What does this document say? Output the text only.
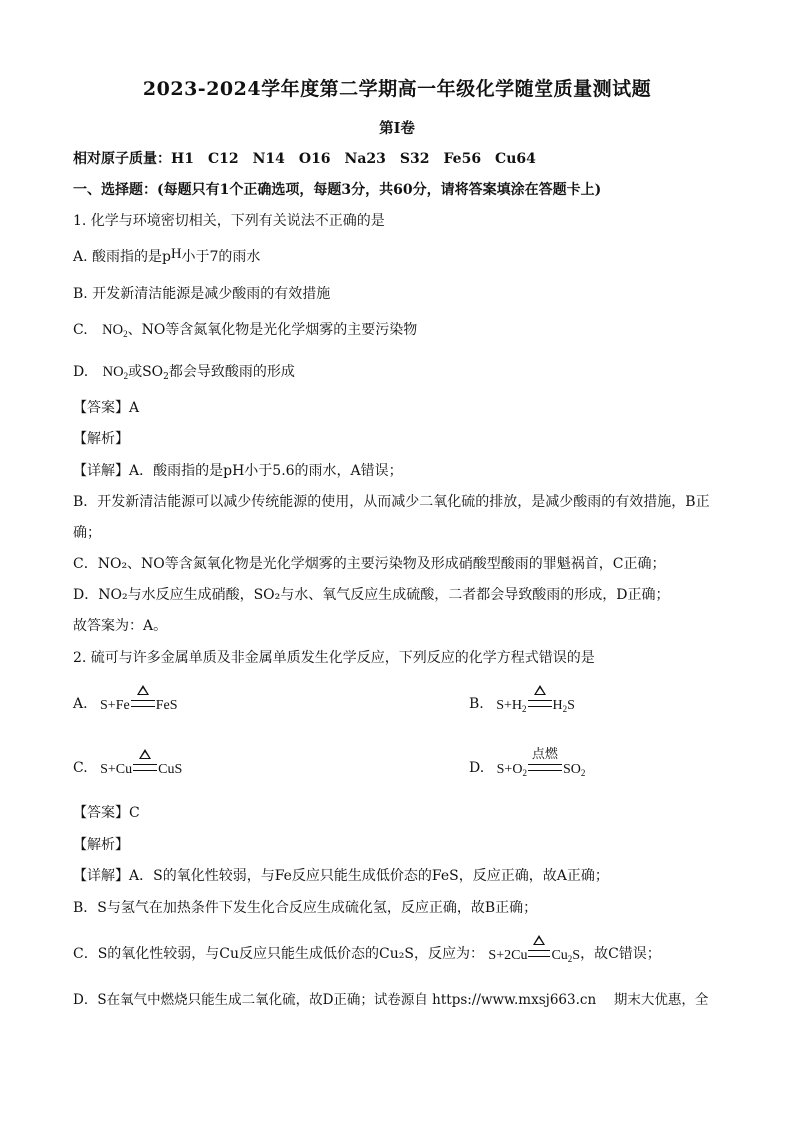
2023-2024学年度第二学期高一年级化学随堂质量测试题
第I卷
相对原子质量：H1　C12　N14　O16　Na23　S32　Fe56　Cu64
一、选择题：(每题只有1个正确选项，每题3分，共60分，请将答案填涂在答题卡上)
1. 化学与环境密切相关，下列有关说法不正确的是
A. 酸雨指的是pH小于7的雨水
B. 开发新清洁能源是减少酸雨的有效措施
C. $NO_2$、NO等含氮氧化物是光化学烟雾的主要污染物
D. $NO_2$或$SO_2$都会导致酸雨的形成
【答案】A
【解析】
【详解】A．酸雨指的是pH小于5.6的雨水，A错误；
B．开发新清洁能源可以减少传统能源的使用，从而减少二氧化硫的排放，是减少酸雨的有效措施，B正
确；
C．NO₂、NO等含氮氧化物是光化学烟雾的主要污染物及形成硝酸型酸雨的罪魁祸首，C正确；
D．NO₂与水反应生成硝酸，SO₂与水、氧气反应生成硫酸，二者都会导致酸雨的形成，D正确；
故答案为：A。
2. 硫可与许多金属单质及非金属单质发生化学反应，下列反应的化学方程式错误的是
A. S+Fe FeS	B. $S+H_2$ $H_2S$
C. S+Cu CuS	D. $S+O_2$
点燃
$SO_2$
【答案】C
【解析】
【详解】A．S的氧化性较弱，与Fe反应只能生成低价态的FeS，反应正确，故A正确；
B．S与氢气在加热条件下发生化合反应生成硫化氢，反应正确，故B正确；
C．S的氧化性较弱，与Cu反应只能生成低价态的Cu₂S，反应为： S+2Cu $Cu_2S$，故C错误；
D．S在氧气中燃烧只能生成二氧化硫，故D正确；试卷源自 https://www.mxsj663.cn　 期末大优惠，全
